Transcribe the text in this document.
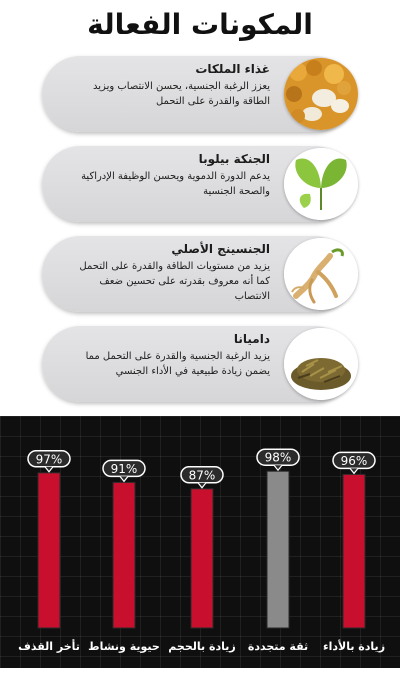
المكونات الفعالة
غذاء الملكات
يعزز الرغبة الجنسية، يحسن الانتصاب ويزيد الطاقة والقدرة على التحمل
الجنكة بيلوبا
يدعم الدورة الدموية ويحسن الوظيفة الإدراكية والصحة الجنسية
الجنسينج الأصلي
يزيد من مستويات الطاقة والقدرة على التحمل كما أنه معروف بقدرته على تحسين ضعف الانتصاب
داميانا
يزيد الرغبة الجنسية والقدرة على التحمل مما يضمن زيادة طبيعية في الأداء الجنسي
97%
91%	87%
98%	96%
تأخر القذف حيوية ونشاط زيادة بالحجم	ثقة متجددة	زيادة بالأداء
